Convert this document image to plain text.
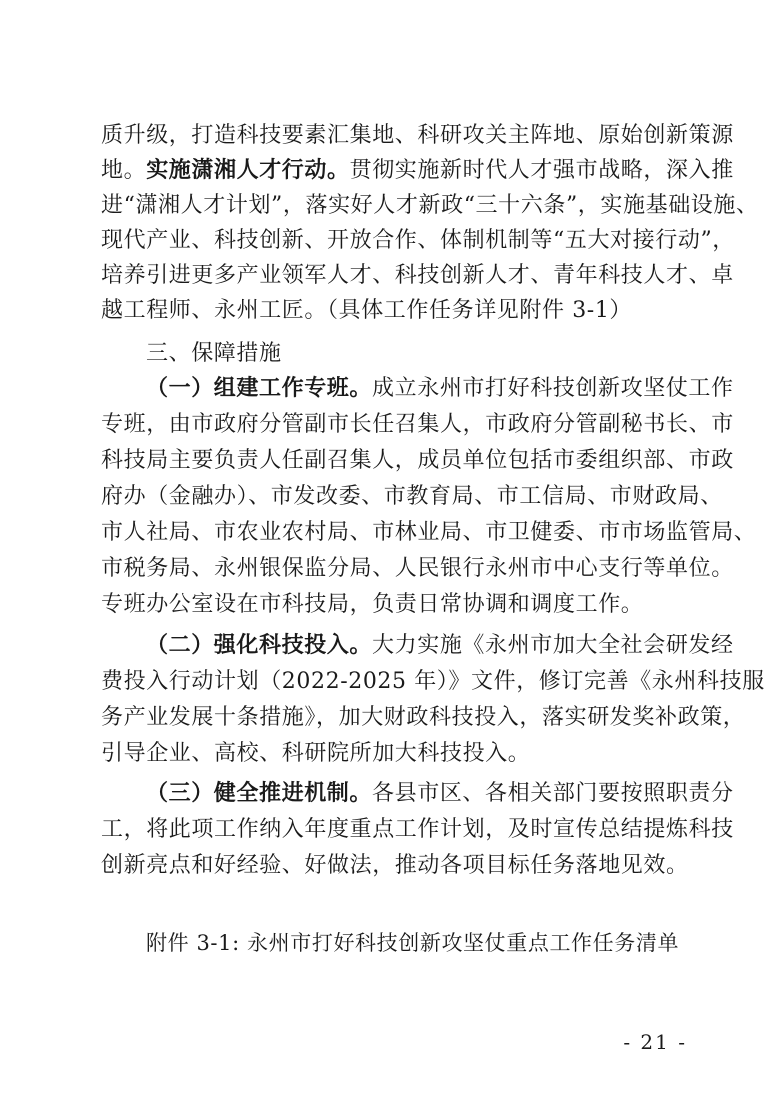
质升级，打造科技要素汇集地、科研攻关主阵地、原始创新策源
地。实施潇湘人才行动。贯彻实施新时代人才强市战略，深入推
进“潇湘人才计划”，落实好人才新政“三十六条”，实施基础设施、
现代产业、科技创新、开放合作、体制机制等“五大对接行动”，
培养引进更多产业领军人才、科技创新人才、青年科技人才、卓
越工程师、永州工匠。（具体工作任务详见附件 3-1）
三、保障措施
（一）组建工作专班。成立永州市打好科技创新攻坚仗工作
专班，由市政府分管副市长任召集人，市政府分管副秘书长、市
科技局主要负责人任副召集人，成员单位包括市委组织部、市政
府办（金融办）、市发改委、市教育局、市工信局、市财政局、
市人社局、市农业农村局、市林业局、市卫健委、市市场监管局、
市税务局、永州银保监分局、人民银行永州市中心支行等单位。
专班办公室设在市科技局，负责日常协调和调度工作。
（二）强化科技投入。大力实施《永州市加大全社会研发经
费投入行动计划（2022-2025 年）》文件，修订完善《永州科技服
务产业发展十条措施》，加大财政科技投入，落实研发奖补政策，
引导企业、高校、科研院所加大科技投入。
（三）健全推进机制。各县市区、各相关部门要按照职责分
工，将此项工作纳入年度重点工作计划，及时宣传总结提炼科技
创新亮点和好经验、好做法，推动各项目标任务落地见效。
附件 3-1: 永州市打好科技创新攻坚仗重点工作任务清单
- 21 -
